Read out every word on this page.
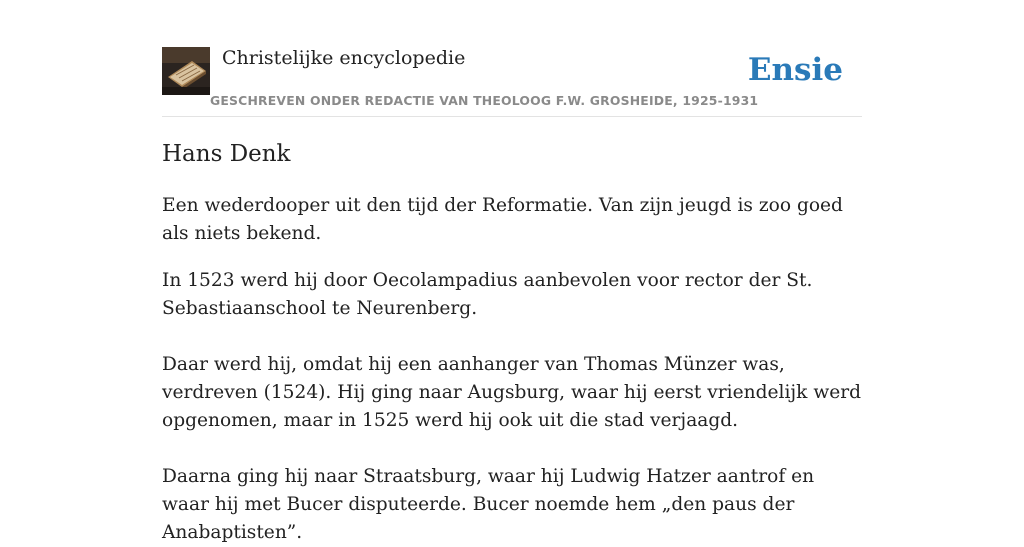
Christelijke encyclopedie
GESCHREVEN ONDER REDACTIE VAN THEOLOOG F.W. GROSHEIDE, 1925-1931
Ensie
Hans Denk

Een wederdooper uit den tijd der Reformatie. Van zijn jeugd is zoo goed als niets bekend.

In 1523 werd hij door Oecolampadius aanbevolen voor rector der St. Sebastiaanschool te Neurenberg.

Daar werd hij, omdat hij een aanhanger van Thomas Münzer was, verdreven (1524). Hij ging naar Augsburg, waar hij eerst vriendelijk werd opgenomen, maar in 1525 werd hij ook uit die stad verjaagd.

Daarna ging hij naar Straatsburg, waar hij Ludwig Hatzer aantrof en waar hij met Bucer disputeerde. Bucer noemde hem „den paus der Anabaptisten”.
